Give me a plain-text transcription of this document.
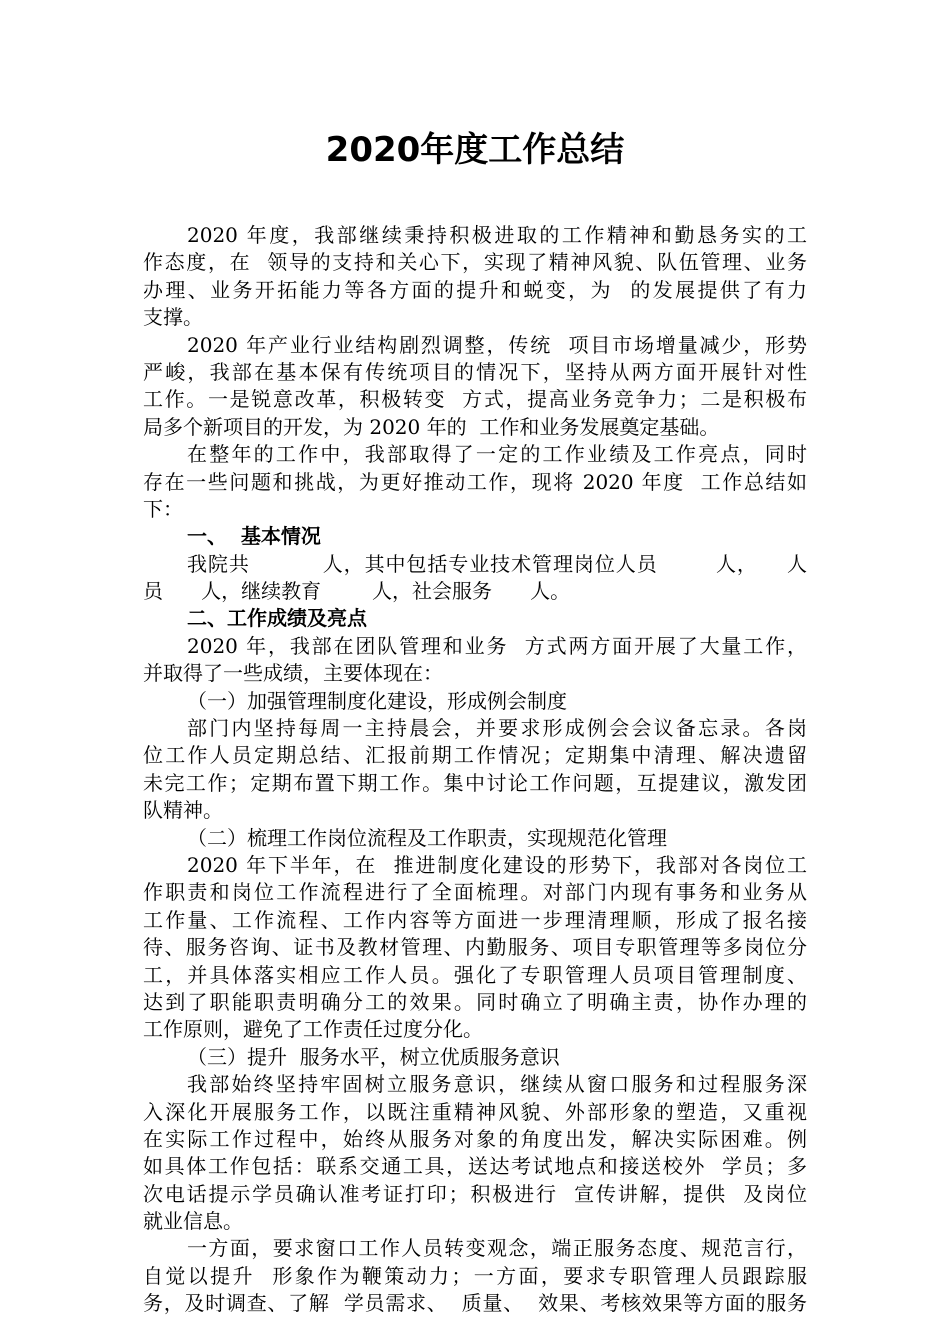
2020年度工作总结
2020 年度，我部继续秉持积极进取的工作精神和勤恳务实的工
作态度，在  领导的支持和关心下，实现了精神风貌、队伍管理、业务
办理、业务开拓能力等各方面的提升和蜕变，为  的发展提供了有力
支撑。
2020 年产业行业结构剧烈调整，传统  项目市场增量减少，形势
严峻，我部在基本保有传统项目的情况下，坚持从两方面开展针对性
工作。一是锐意改革，积极转变  方式，提高业务竞争力；二是积极布
局多个新项目的开发，为 2020 年的  工作和业务发展奠定基础。
在整年的工作中，我部取得了一定的工作业绩及工作亮点，同时
存在一些问题和挑战，为更好推动工作，现将 2020 年度  工作总结如
下：
一、  基本情况
我院共          人，其中包括专业技术管理岗位人员        人，    人
员      人，继续教育        人，社会服务      人。
二、工作成绩及亮点
2020 年，我部在团队管理和业务  方式两方面开展了大量工作，
并取得了一些成绩，主要体现在：
（一）加强管理制度化建设，形成例会制度
部门内坚持每周一主持晨会，并要求形成例会会议备忘录。各岗
位工作人员定期总结、汇报前期工作情况；定期集中清理、解决遗留
未完工作；定期布置下期工作。集中讨论工作问题，互提建议，激发团
队精神。
（二）梳理工作岗位流程及工作职责，实现规范化管理
2020 年下半年，在  推进制度化建设的形势下，我部对各岗位工
作职责和岗位工作流程进行了全面梳理。对部门内现有事务和业务从
工作量、工作流程、工作内容等方面进一步理清理顺，形成了报名接
待、服务咨询、证书及教材管理、内勤服务、项目专职管理等多岗位分
工，并具体落实相应工作人员。强化了专职管理人员项目管理制度、
达到了职能职责明确分工的效果。同时确立了明确主责，协作办理的
工作原则，避免了工作责任过度分化。
（三）提升  服务水平，树立优质服务意识
我部始终坚持牢固树立服务意识，继续从窗口服务和过程服务深
入深化开展服务工作，以既注重精神风貌、外部形象的塑造，又重视
在实际工作过程中，始终从服务对象的角度出发，解决实际困难。例
如具体工作包括：联系交通工具，送达考试地点和接送校外  学员；多
次电话提示学员确认准考证打印；积极进行  宣传讲解，提供  及岗位
就业信息。
一方面，要求窗口工作人员转变观念，端正服务态度、规范言行，
自觉以提升  形象作为鞭策动力；一方面，要求专职管理人员跟踪服
务，及时调查、了解  学员需求、  质量、  效果、考核效果等方面的服务
